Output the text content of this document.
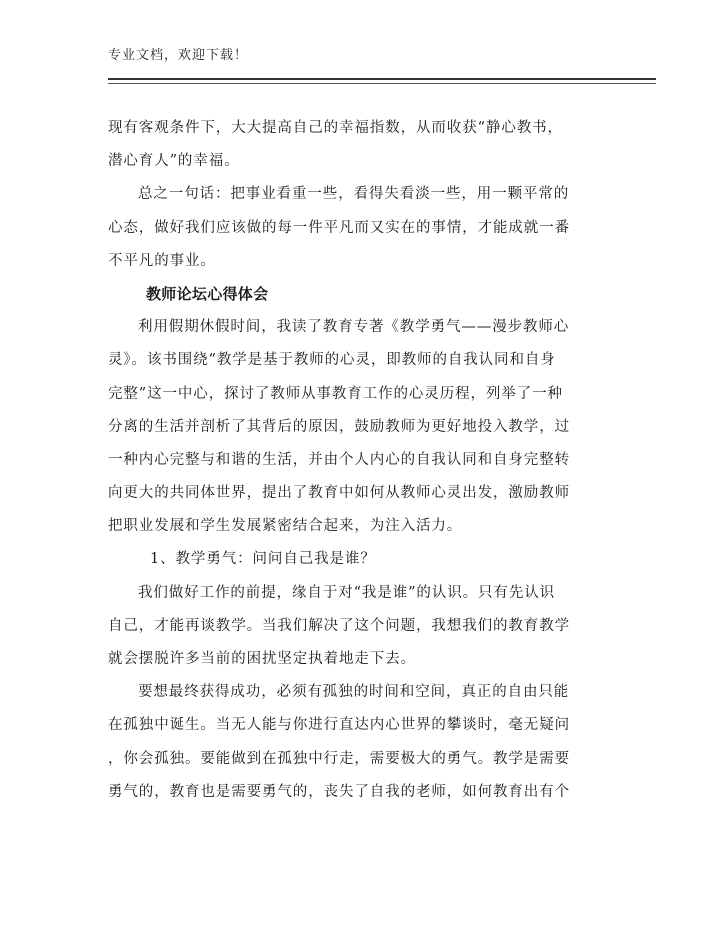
专业文档，欢迎下载！
现有客观条件下，大大提高自己的幸福指数，从而收获“静心教书，
潜心育人”的幸福。
总之一句话：把事业看重一些，看得失看淡一些，用一颗平常的
心态，做好我们应该做的每一件平凡而又实在的事情，才能成就一番
不平凡的事业。
教师论坛心得体会
利用假期休假时间，我读了教育专著《教学勇气——漫步教师心
灵》。该书围绕“教学是基于教师的心灵，即教师的自我认同和自身
完整”这一中心，探讨了教师从事教育工作的心灵历程，列举了一种
分离的生活并剖析了其背后的原因，鼓励教师为更好地投入教学，过
一种内心完整与和谐的生活，并由个人内心的自我认同和自身完整转
向更大的共同体世界，提出了教育中如何从教师心灵出发，激励教师
把职业发展和学生发展紧密结合起来，为注入活力。
1、教学勇气：问问自己我是谁？
我们做好工作的前提，缘自于对“我是谁”的认识。只有先认识
自己，才能再谈教学。当我们解决了这个问题，我想我们的教育教学
就会摆脱许多当前的困扰坚定执着地走下去。
要想最终获得成功，必须有孤独的时间和空间，真正的自由只能
在孤独中诞生。当无人能与你进行直达内心世界的攀谈时，毫无疑问
，你会孤独。要能做到在孤独中行走，需要极大的勇气。教学是需要
勇气的，教育也是需要勇气的，丧失了自我的老师，如何教育出有个
